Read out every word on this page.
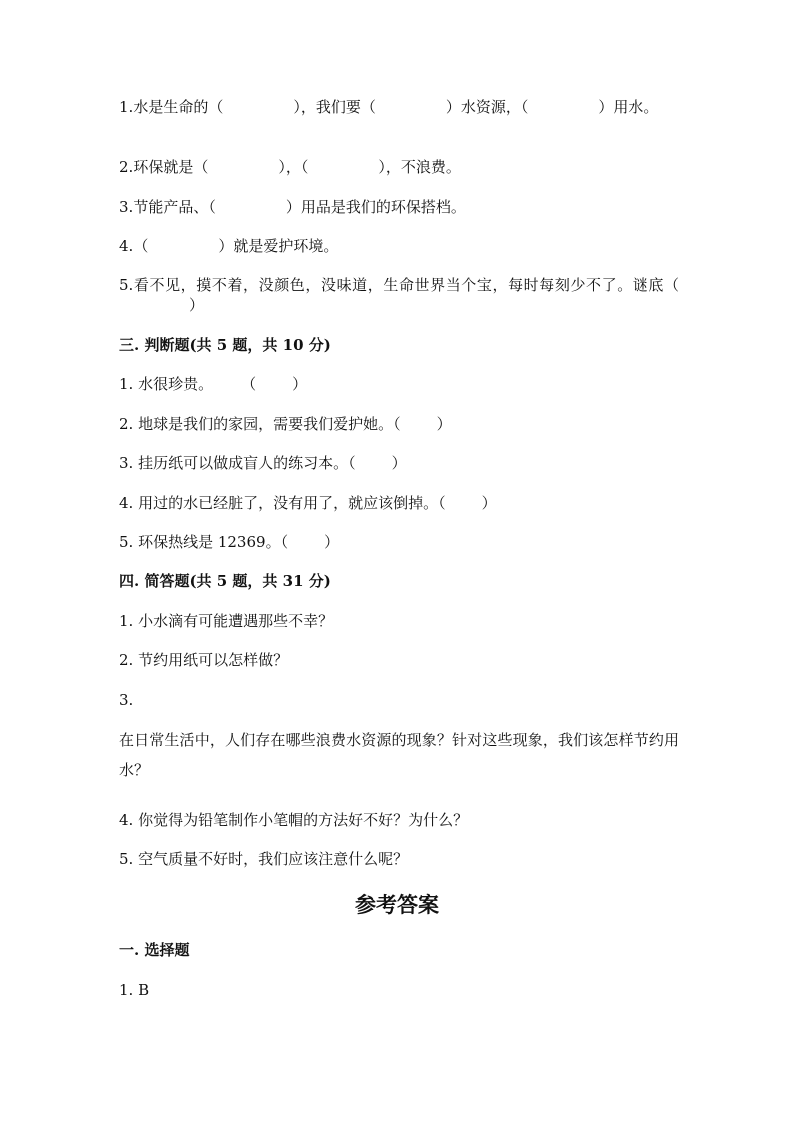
1.水是生命的（	），我们要（	）水资源，（	）用水。
2.环保就是（	），（	），不浪费。
3.节能产品、（	）用品是我们的环保搭档。
4.（	）就是爱护环境。
5.看不见，摸不着，没颜色，没味道，生命世界当个宝，每时每刻少不了。谜底（）
三. 判断题(共 5 题，共 10 分)
1. 水很珍贵。 （ ）
2. 地球是我们的家园，需要我们爱护她。（ ）
3. 挂历纸可以做成盲人的练习本。（ ）
4. 用过的水已经脏了，没有用了，就应该倒掉。（ ）
5. 环保热线是 12369。（ ）
四. 简答题(共 5 题，共 31 分)
1. 小水滴有可能遭遇那些不幸？
2. 节约用纸可以怎样做？
3.
在日常生活中，人们存在哪些浪费水资源的现象？针对这些现象，我们该怎样节约用水？
4. 你觉得为铅笔制作小笔帽的方法好不好？为什么？
5. 空气质量不好时，我们应该注意什么呢？
参考答案
一. 选择题
1. B
